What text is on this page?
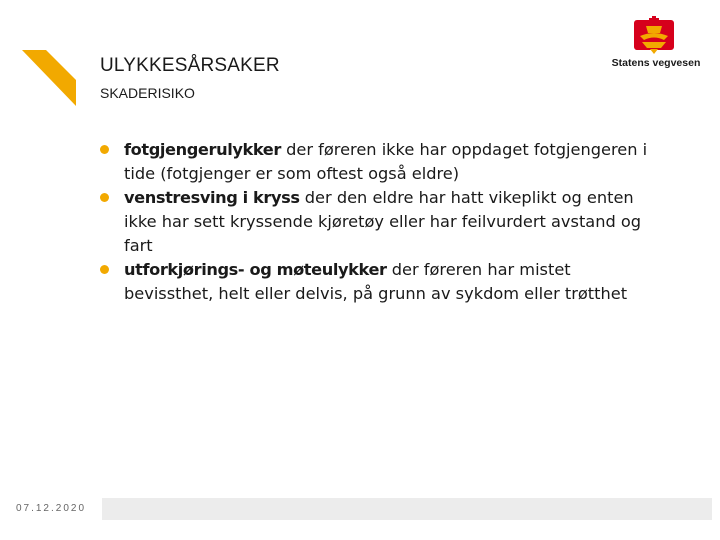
ULYKKESÅRSAKER
SKADERISIKO
Statens vegvesen
fotgjengerulykker der føreren ikke har oppdaget fotgjengeren i tide (fotgjenger er som oftest også eldre)
venstresving i kryss der den eldre har hatt vikeplikt og enten ikke har sett kryssende kjøretøy eller har feilvurdert avstand og fart
utforkjørings- og møteulykker der føreren har mistet bevissthet, helt eller delvis, på grunn av sykdom eller trøtthet
07.12.2020
